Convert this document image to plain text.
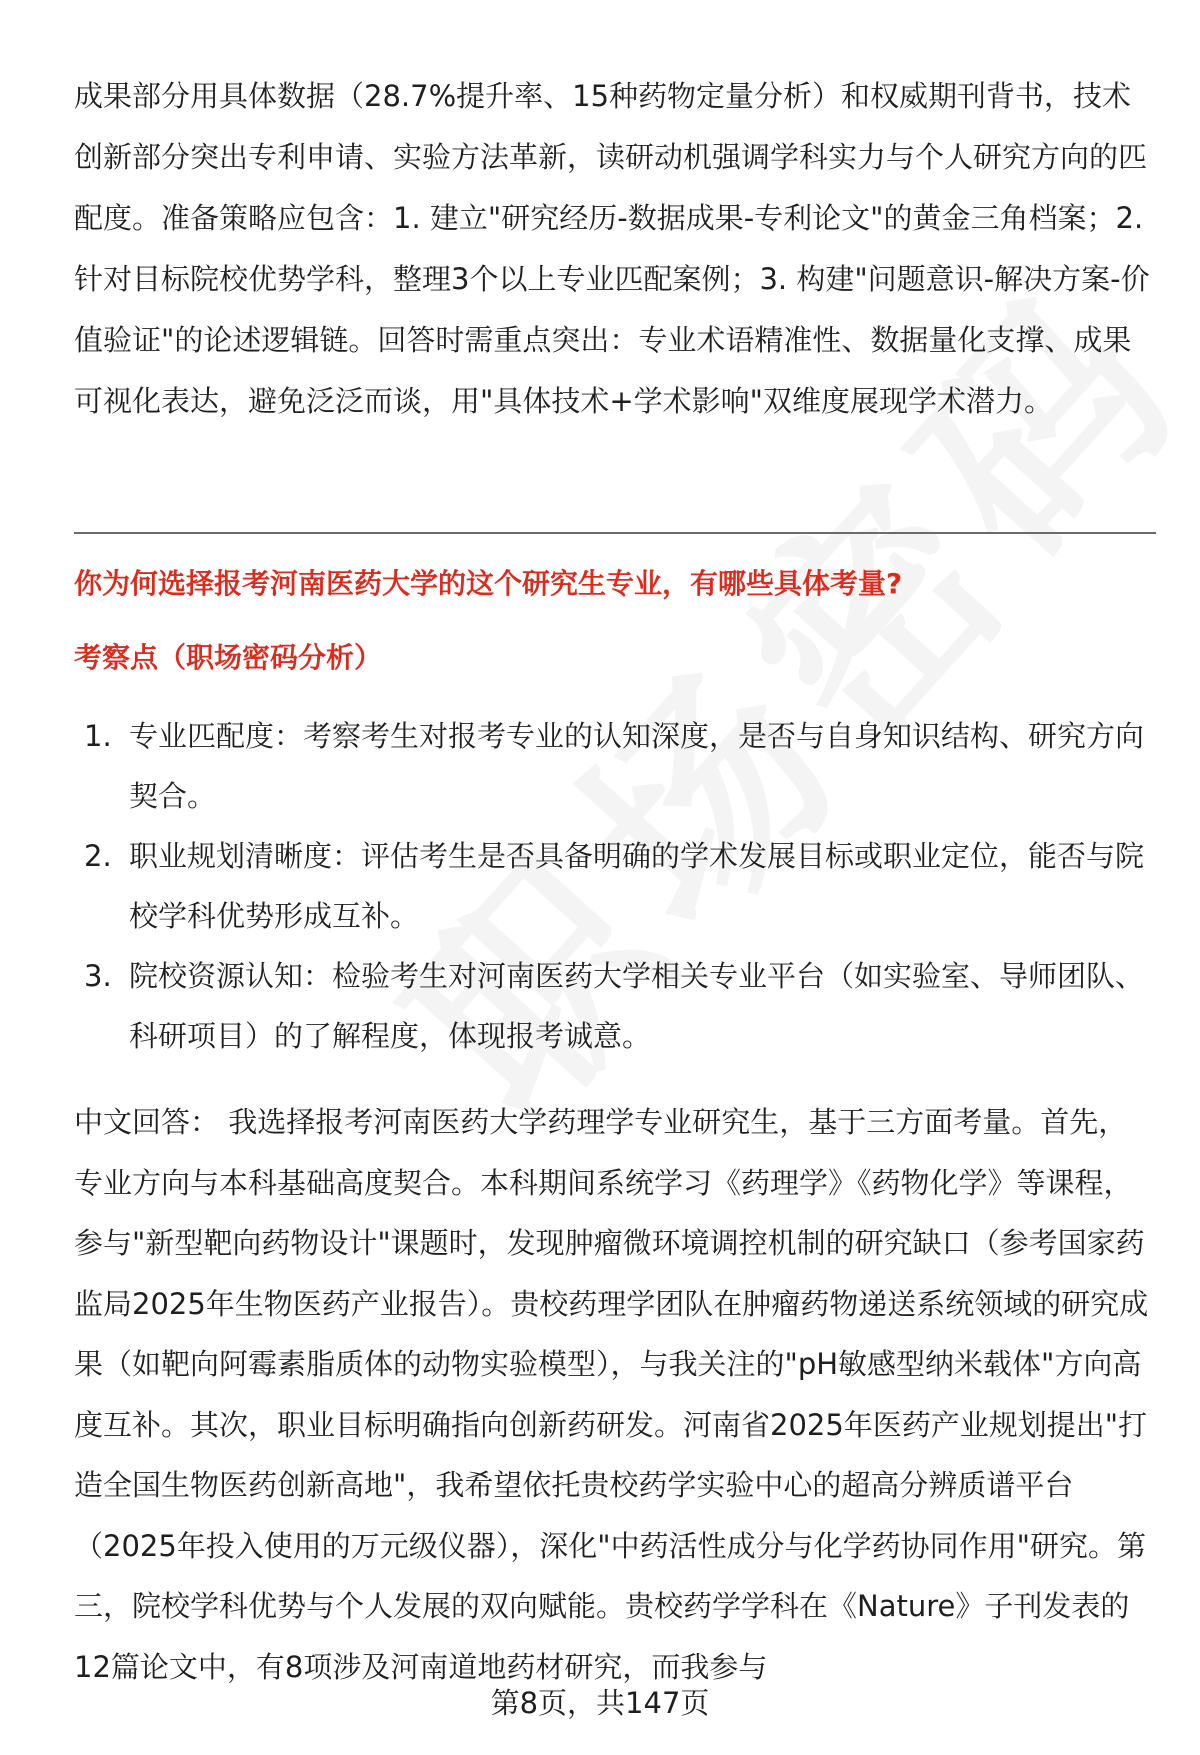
成果部分用具体数据（28.7%提升率、15种药物定量分析）和权威期刊背书，技术创新部分突出专利申请、实验方法革新，读研动机强调学科实力与个人研究方向的匹配度。准备策略应包含：1. 建立"研究经历-数据成果-专利论文"的黄金三角档案；2. 针对目标院校优势学科，整理3个以上专业匹配案例；3. 构建"问题意识-解决方案-价值验证"的论述逻辑链。回答时需重点突出：专业术语精准性、数据量化支撑、成果可视化表达，避免泛泛而谈，用"具体技术+学术影响"双维度展现学术潜力。

你为何选择报考河南医药大学的这个研究生专业，有哪些具体考量?

考察点（职场密码分析）

1. 专业匹配度：考察考生对报考专业的认知深度，是否与自身知识结构、研究方向契合。
2. 职业规划清晰度：评估考生是否具备明确的学术发展目标或职业定位，能否与院校学科优势形成互补。
3. 院校资源认知：检验考生对河南医药大学相关专业平台（如实验室、导师团队、科研项目）的了解程度，体现报考诚意。

中文回答： 我选择报考河南医药大学药理学专业研究生，基于三方面考量。首先，专业方向与本科基础高度契合。本科期间系统学习《药理学》《药物化学》等课程，参与"新型靶向药物设计"课题时，发现肿瘤微环境调控机制的研究缺口（参考国家药监局2025年生物医药产业报告）。贵校药理学团队在肿瘤药物递送系统领域的研究成果（如靶向阿霉素脂质体的动物实验模型），与我关注的"pH敏感型纳米载体"方向高度互补。其次，职业目标明确指向创新药研发。河南省2025年医药产业规划提出"打造全国生物医药创新高地"，我希望依托贵校药学实验中心的超高分辨质谱平台（2025年投入使用的万元级仪器），深化"中药活性成分与化学药协同作用"研究。第三，院校学科优势与个人发展的双向赋能。贵校药学学科在《Nature》子刊发表的12篇论文中，有8项涉及河南道地药材研究，而我参与

第8页，共147页
